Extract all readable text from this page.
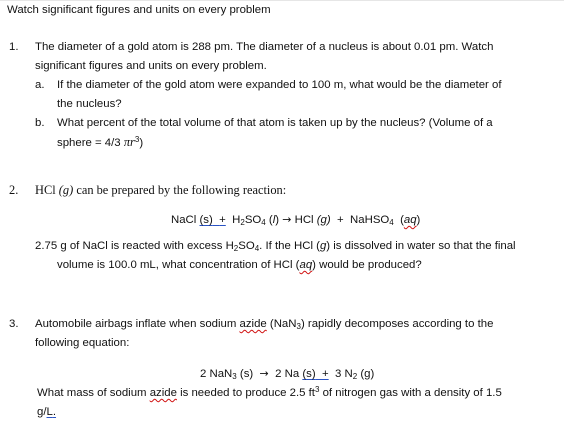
Watch significant figures and units on every problem
1. The diameter of a gold atom is 288 pm. The diameter of a nucleus is about 0.01 pm. Watch
significant figures and units on every problem.
a. If the diameter of the gold atom were expanded to 100 m, what would be the diameter of
the nucleus?
b. What percent of the total volume of that atom is taken up by the nucleus? (Volume of a
sphere = 4/3 $\pi r^3$)
2. HCl (g) can be prepared by the following reaction:
NaCl $(s) + H_2SO_4$ (l) → HCl (g) + NaHSO$_4$ (aq)
2.75 g of NaCl is reacted with excess $H_2SO_4$. If the HCl (g) is dissolved in water so that the final
volume is 100.0 mL, what concentration of HCl (aq) would be produced?
3. Automobile airbags inflate when sodium azide (NaN$_3$) rapidly decomposes according to the
following equation:
2 NaN$_3$ (s) → 2 Na (s) + 3 $N_2$ (g)
What mass of sodium azide is needed to produce 2.5 $ft^3$ of nitrogen gas with a density of 1.5
g/L.
